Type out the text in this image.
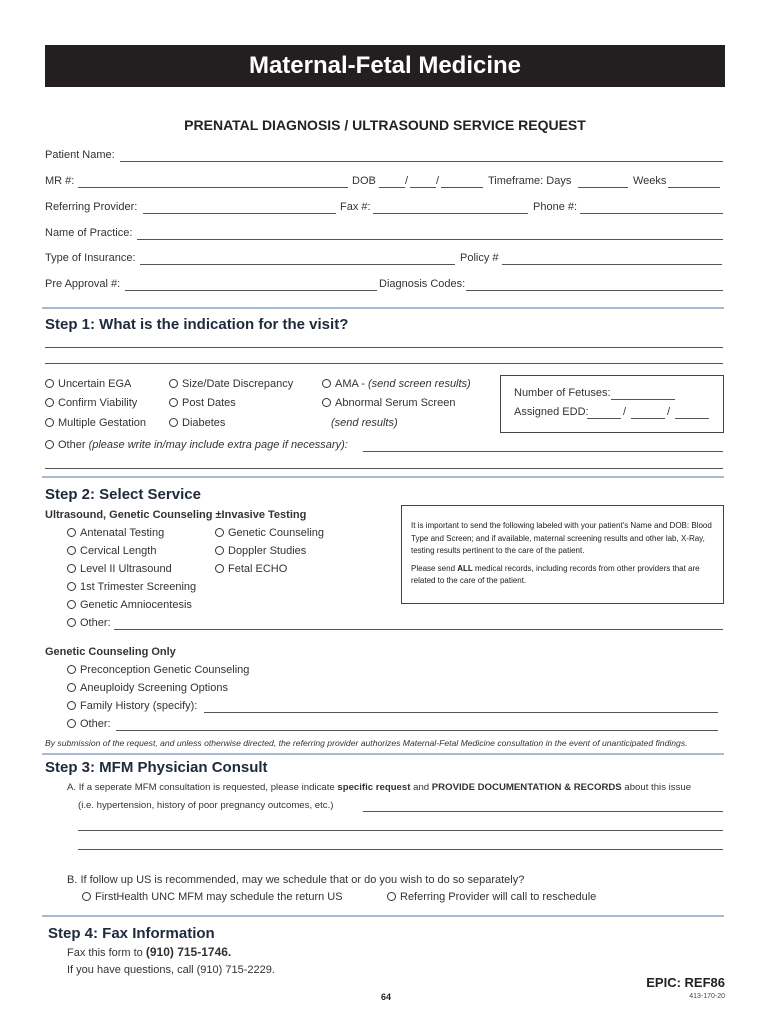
Maternal-Fetal Medicine
PRENATAL DIAGNOSIS / ULTRASOUND SERVICE REQUEST
Patient Name:
MR #:	DOB	/	/	Timeframe: Days	Weeks
Referring Provider:	Fax #:	Phone #:
Name of Practice:
Type of Insurance:	Policy #
Pre Approval #:	Diagnosis Codes:
Step 1: What is the indication for the visit?
Uncertain EGA
Confirm Viability
Multiple Gestation
Size/Date Discrepancy
Post Dates
Diabetes
AMA - (send screen results)
Abnormal Serum Screen
(send results)
Number of Fetuses:
Assigned EDD:	/	/
Other (please write in/may include extra page if necessary):
Step 2: Select Service
Ultrasound, Genetic Counseling ±Invasive Testing
Antenatal Testing
Cervical Length
Level II Ultrasound
1st Trimester Screening
Genetic Amniocentesis
Other:
Genetic Counseling
Doppler Studies
Fetal ECHO
It is important to send the following labeled with your patient's Name and DOB: Blood Type and Screen; and if available, maternal screening results and other lab, X-Ray, testing results pertinent to the care of the patient.
Please send ALL medical records, including records from other providers that are related to the care of the patient.
Genetic Counseling Only
Preconception Genetic Counseling
Aneuploidy Screening Options
Family History (specify):
Other:
By submission of the request, and unless otherwise directed, the referring provider authorizes Maternal-Fetal Medicine consultation in the event of unanticipated findings.
Step 3: MFM Physician Consult
A. If a seperate MFM consultation is requested, please indicate specific request and PROVIDE DOCUMENTATION & RECORDS about this issue
(i.e. hypertension, history of poor pregnancy outcomes, etc.)
B. If follow up US is recommended, may we schedule that or do you wish to do so separately?
FirstHealth UNC MFM may schedule the return US	Referring Provider will call to reschedule
Step 4: Fax Information
Fax this form to (910) 715-1746.
If you have questions, call (910) 715-2229.
64
EPIC: REF86
413-170-20
